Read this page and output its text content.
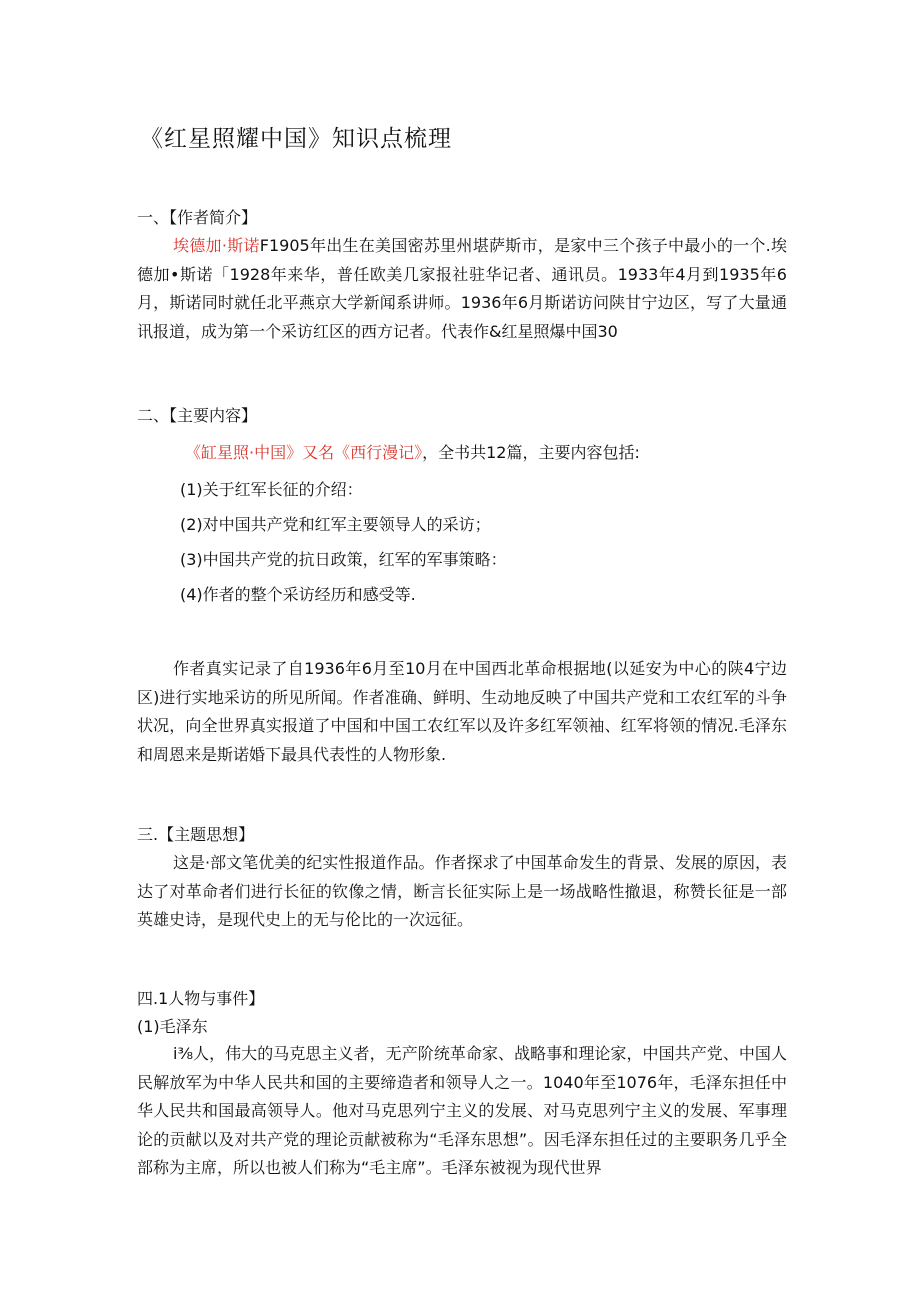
《红星照耀中国》知识点梳理
一、【作者简介】
埃德加·斯诺F1905年出生在美国密苏里州堪萨斯市，是家中三个孩子中最小的一个.埃德加•斯诺「1928年来华，普任欧美几家报社驻华记者、通讯员。1933年4月到1935年6月，斯诺同时就任北平燕京大学新闻系讲师。1936年6月斯诺访问陕甘宁边区，写了大量通讯报道，成为第一个采访红区的西方记者。代表作&红星照爆中国30
二、【主要内容】
《缸星照·中国》又名《西行漫记》，全书共12篇，主要内容包括:
(1)关于红军长征的介绍：
(2)对中国共产党和红军主要领导人的采访；
(3)中国共产党的抗日政策，红军的军事策略：
(4)作者的整个采访经历和感受等.
作者真实记录了自1936年6月至10月在中国西北革命根据地(以延安为中心的陕4宁边区)进行实地采访的所见所闻。作者准确、鲜明、生动地反映了中国共产党和工农红军的斗争状况，向全世界真实报道了中国和中国工农红军以及许多红军领袖、红军将领的情况.毛泽东和周恩来是斯诺婚下最具代表性的人物形象.
三.【主题思想】
这是·部文笔优美的纪实性报道作品。作者探求了中国革命发生的背景、发展的原因，表达了对革命者们进行长征的钦像之情，断言长征实际上是一场战略性撤退，称赞长征是一部英雄史诗，是现代史上的无与伦比的一次远征。
四.1人物与事件】
(1)毛泽东
i⅜人，伟大的马克思主义者，无产阶统革命家、战略事和理论家，中国共产党、中国人民解放军为中华人民共和国的主要缔造者和领导人之一。1040年至1076年，毛泽东担任中华人民共和国最高领导人。他对马克思列宁主义的发展、对马克思列宁主义的发展、军事理论的贡献以及对共产党的理论贡献被称为“毛泽东思想”。因毛泽东担任过的主要职务几乎全部称为主席，所以也被人们称为“毛主席”。毛泽东被视为现代世界
